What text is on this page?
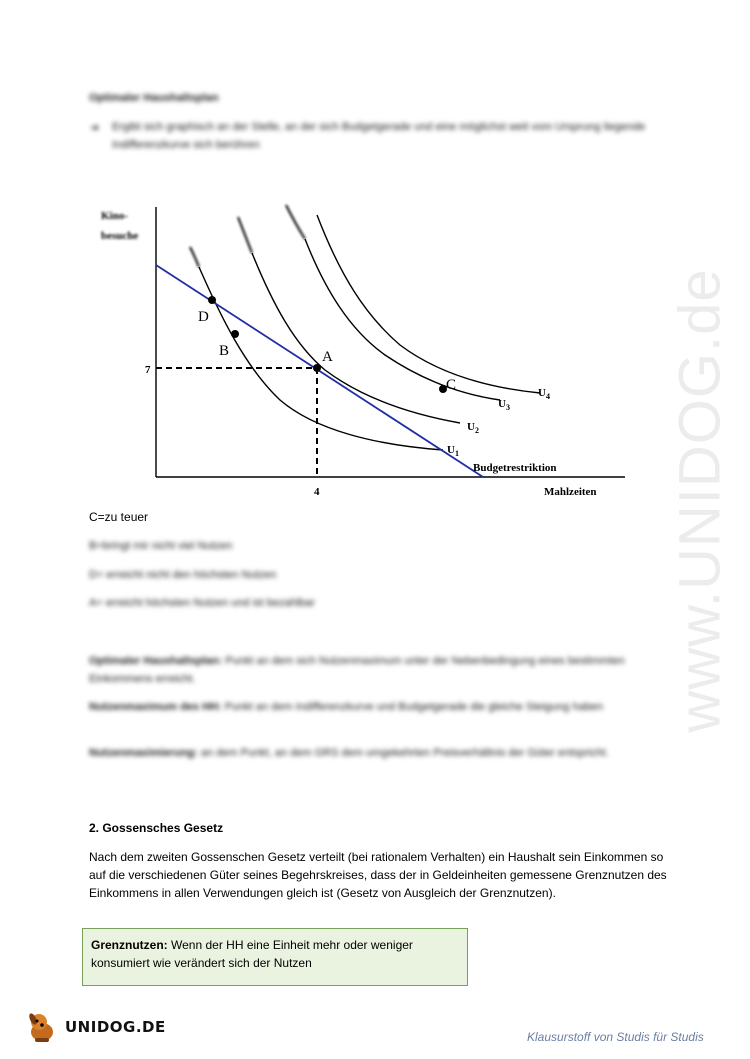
www.UNIDOG.de
Optimaler Haushaltsplan
➜ Ergibt sich graphisch an der Stelle, an der sich Budgetgerade und eine möglichst weit vom Ursprung liegende Indifferenzkurve sich berühren
Kino-
besuche
D
B	A
C
$U_1$
$U_2$
$U_3$
$U_4$
Budgetrestriktion
Mahlzeiten
7
4
C=zu teuer
B=bringt mir nicht viel Nutzen
D= erreicht nicht den höchsten Nutzen
A= erreicht höchsten Nutzen und ist bezahlbar
Optimaler Haushaltsplan: Punkt an dem sich Nutzenmaximum unter der Nebenbedingung eines bestimmten Einkommens erreicht.
Nutzenmaximum des HH: Punkt an dem Indifferenzkurve und Budgetgerade die gleiche Steigung haben
Nutzenmaximierung: an dem Punkt, an dem GRS dem umgekehrten Preisverhältnis der Güter entspricht.
2. Gossensches Gesetz
Nach dem zweiten Gossenschen Gesetz verteilt (bei rationalem Verhalten) ein Haushalt sein Einkommen so auf die verschiedenen Güter seines Begehrskreises, dass der in Geldeinheiten gemessene Grenznutzen des Einkommens in allen Verwendungen gleich ist (Gesetz von Ausgleich der Grenznutzen).
Grenznutzen: Wenn der HH eine Einheit mehr oder weniger konsumiert wie verändert sich der Nutzen
UNIDOG.DE
Klausurstoff von Studis für Studis
